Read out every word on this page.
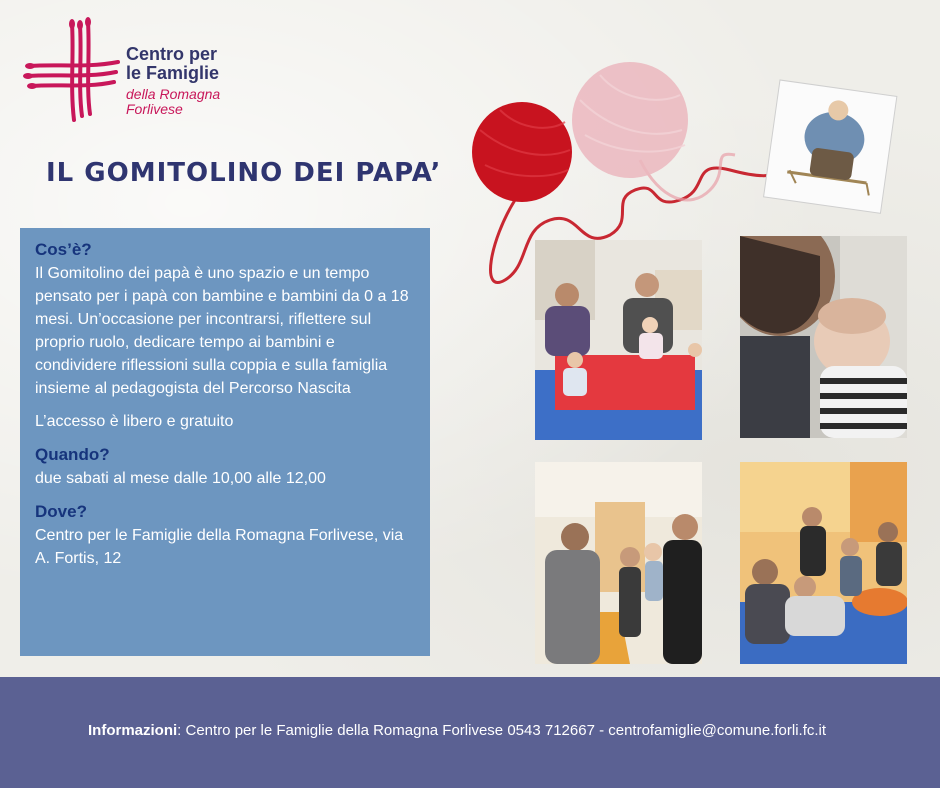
Centro per
le Famiglie
della Romagna
Forlivese
IL GOMITOLINO DEI PAPA’
Cos’è?
Il Gomitolino dei papà è uno spazio e un tempo pensato per i papà con bambine e bambini da 0 a 18 mesi. Un’occasione per incontrarsi, riflettere sul proprio ruolo, dedicare tempo ai bambini e condividere riflessioni sulla coppia e sulla famiglia insieme al pedagogista del Percorso Nascita
L’accesso è libero e gratuito
Quando?
due sabati al mese dalle 10,00 alle 12,00
Dove?
Centro per le Famiglie della Romagna Forlivese, via A. Fortis, 12
Informazioni: Centro per le Famiglie della Romagna Forlivese 0543 712667 - centrofamiglie@comune.forli.fc.it
